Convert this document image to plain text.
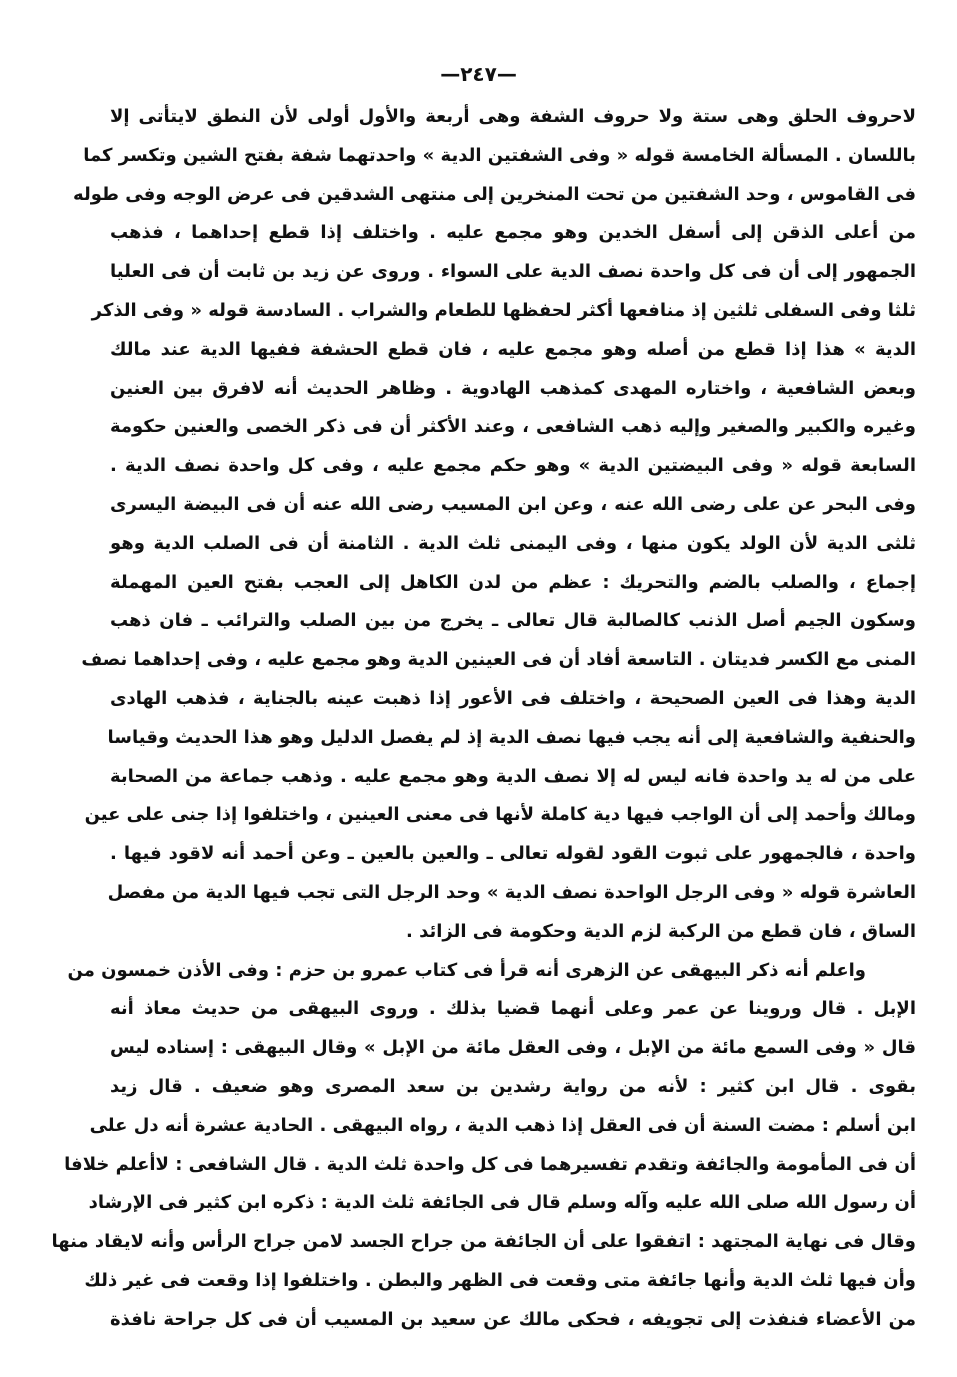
—٢٤٧—
لاحروف الحلق وهى ستة ولا حروف الشفة وهى أربعة والأول أولى لأن النطق لايتأتى إلا
باللسان . المسألة الخامسة قوله « وفى الشفتين الدية » واحدتهما شفة بفتح الشين وتكسر كما
فى القاموس ، وحد الشفتين من تحت المنخرين إلى منتهى الشدقين فى عرض الوجه وفى طوله
من أعلى الذقن إلى أسفل الخدين وهو مجمع عليه . واختلف إذا قطع إحداهما ، فذهب
الجمهور إلى أن فى كل واحدة نصف الدية على السواء . وروى عن زيد بن ثابت أن فى العليا
ثلثا وفى السفلى ثلثين إذ منافعها أكثر لحفظها للطعام والشراب . السادسة قوله « وفى الذكر
الدية » هذا إذا قطع من أصله وهو مجمع عليه ، فان قطع الحشفة ففيها الدية عند مالك
وبعض الشافعية ، واختاره المهدى كمذهب الهادوية . وظاهر الحديث أنه لافرق بين العنين
وغيره والكبير والصغير وإليه ذهب الشافعى ، وعند الأكثر أن فى ذكر الخصى والعنين حكومة
السابعة قوله « وفى البيضتين الدية » وهو حكم مجمع عليه ، وفى كل واحدة نصف الدية .
وفى البحر عن على رضى الله عنه ، وعن ابن المسيب رضى الله عنه أن فى البيضة اليسرى
ثلثى الدية لأن الولد يكون منها ، وفى اليمنى ثلث الدية . الثامنة أن فى الصلب الدية وهو
إجماع ، والصلب بالضم والتحريك : عظم من لدن الكاهل إلى العجب بفتح العين المهملة
وسكون الجيم أصل الذنب كالصالبة قال تعالى ـ يخرج من بين الصلب والترائب ـ فان ذهب
المنى مع الكسر فديتان . التاسعة أفاد أن فى العينين الدية وهو مجمع عليه ، وفى إحداهما نصف
الدية وهذا فى العين الصحيحة ، واختلف فى الأعور إذا ذهبت عينه بالجناية ، فذهب الهادى
والحنفية والشافعية إلى أنه يجب فيها نصف الدية إذ لم يفصل الدليل وهو هذا الحديث وقياسا
على من له يد واحدة فانه ليس له إلا نصف الدية وهو مجمع عليه . وذهب جماعة من الصحابة
ومالك وأحمد إلى أن الواجب فيها دية كاملة لأنها فى معنى العينين ، واختلفوا إذا جنى على عين
واحدة ، فالجمهور على ثبوت القود لقوله تعالى ـ والعين بالعين ـ وعن أحمد أنه لاقود فيها .
العاشرة قوله « وفى الرجل الواحدة نصف الدية » وحد الرجل التى تجب فيها الدية من مفصل
الساق ، فان قطع من الركبة لزم الدية وحكومة فى الزائد .
واعلم أنه ذكر البيهقى عن الزهرى أنه قرأ فى كتاب عمرو بن حزم : وفى الأذن خمسون من
الإبل . قال وروينا عن عمر وعلى أنهما قضيا بذلك . وروى البيهقى من حديث معاذ أنه
قال « وفى السمع مائة من الإبل ، وفى العقل مائة من الإبل » وقال البيهقى : إسناده ليس
بقوى . قال ابن كثير : لأنه من رواية رشدين بن سعد المصرى وهو ضعيف . قال زيد
ابن أسلم : مضت السنة أن فى العقل إذا ذهب الدية ، رواه البيهقى . الحادية عشرة أنه دل على
أن فى المأمومة والجائفة وتقدم تفسيرهما فى كل واحدة ثلث الدية . قال الشافعى : لاأعلم خلافا
أن رسول الله صلى الله عليه وآله وسلم قال فى الجائفة ثلث الدية : ذكره ابن كثير فى الإرشاد
وقال فى نهاية المجتهد : اتفقوا على أن الجائفة من جراح الجسد لامن جراح الرأس وأنه لايقاد منها
وأن فيها ثلث الدية وأنها جائفة متى وقعت فى الظهر والبطن . واختلفوا إذا وقعت فى غير ذلك
من الأعضاء فنفذت إلى تجويفه ، فحكى مالك عن سعيد بن المسيب أن فى كل جراحة نافذة
